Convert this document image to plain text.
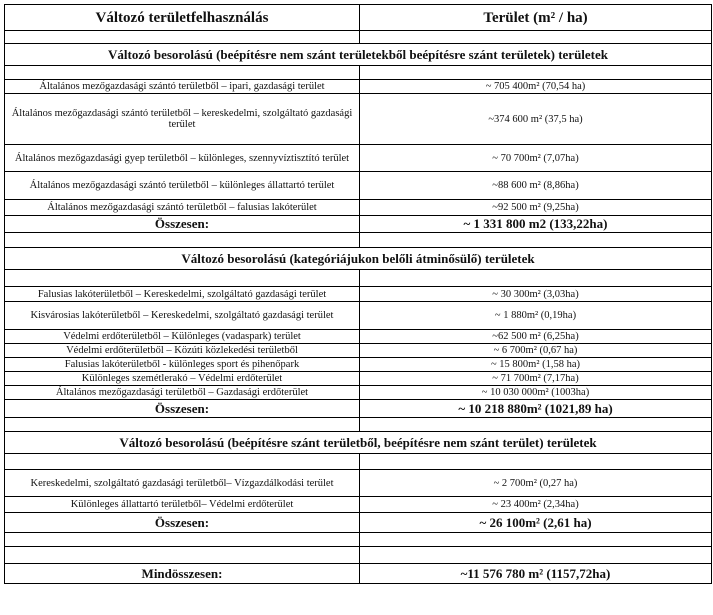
Változó területfelhasználás	Terület (m² / ha)

Változó besorolású (beépítésre nem szánt területekből beépítésre szánt területek) területek	

Általános mezőgazdasági szántó területből – ipari, gazdasági terület	~ 705 400m² (70,54 ha)
Általános mezőgazdasági szántó területből – kereskedelmi, szolgáltató gazdasági terület	~374 600 m² (37,5 ha)
Általános mezőgazdasági gyep területből – különleges, szennyvíztisztító terület	~ 70 700m² (7,07ha)
Általános mezőgazdasági szántó területből – különleges állattartó terület	~88 600 m² (8,86ha)
Általános mezőgazdasági szántó területből – falusias lakóterület	~92 500 m² (9,25ha)
Összesen:	~ 1 331 800 m2 (133,22ha)

Változó besorolású (kategóriájukon belőli átminősülő) területek	

Falusias lakóterületből – Kereskedelmi, szolgáltató gazdasági terület	~ 30 300m² (3,03ha)
Kisvárosias lakóterületből – Kereskedelmi, szolgáltató gazdasági terület	~ 1 880m² (0,19ha)
Védelmi erdőterületből – Különleges (vadaspark) terület	~62 500 m² (6,25ha)
Védelmi erdőterületből – Közúti közlekedési területből	~ 6 700m² (0,67 ha)
Falusias lakóterületből - különleges sport és pihenőpark	~ 15 800m² (1,58 ha)
Különleges szemétlerakó – Védelmi erdőterület	~ 71 700m² (7,17ha)
Általános mezőgazdasági területből – Gazdasági erdőterület	~ 10 030 000m² (1003ha)
Összesen:	~ 10 218 880m² (1021,89 ha)

Változó besorolású (beépítésre szánt területből, beépítésre nem szánt terület) területek	

Kereskedelmi, szolgáltató gazdasági területből– Vízgazdálkodási terület	~ 2 700m² (0,27 ha)
Különleges állattartó területből– Védelmi erdőterület	~ 23 400m² (2,34ha)
Összesen:	~ 26 100m² (2,61 ha)

Mindösszesen:	~11 576 780 m² (1157,72ha)
